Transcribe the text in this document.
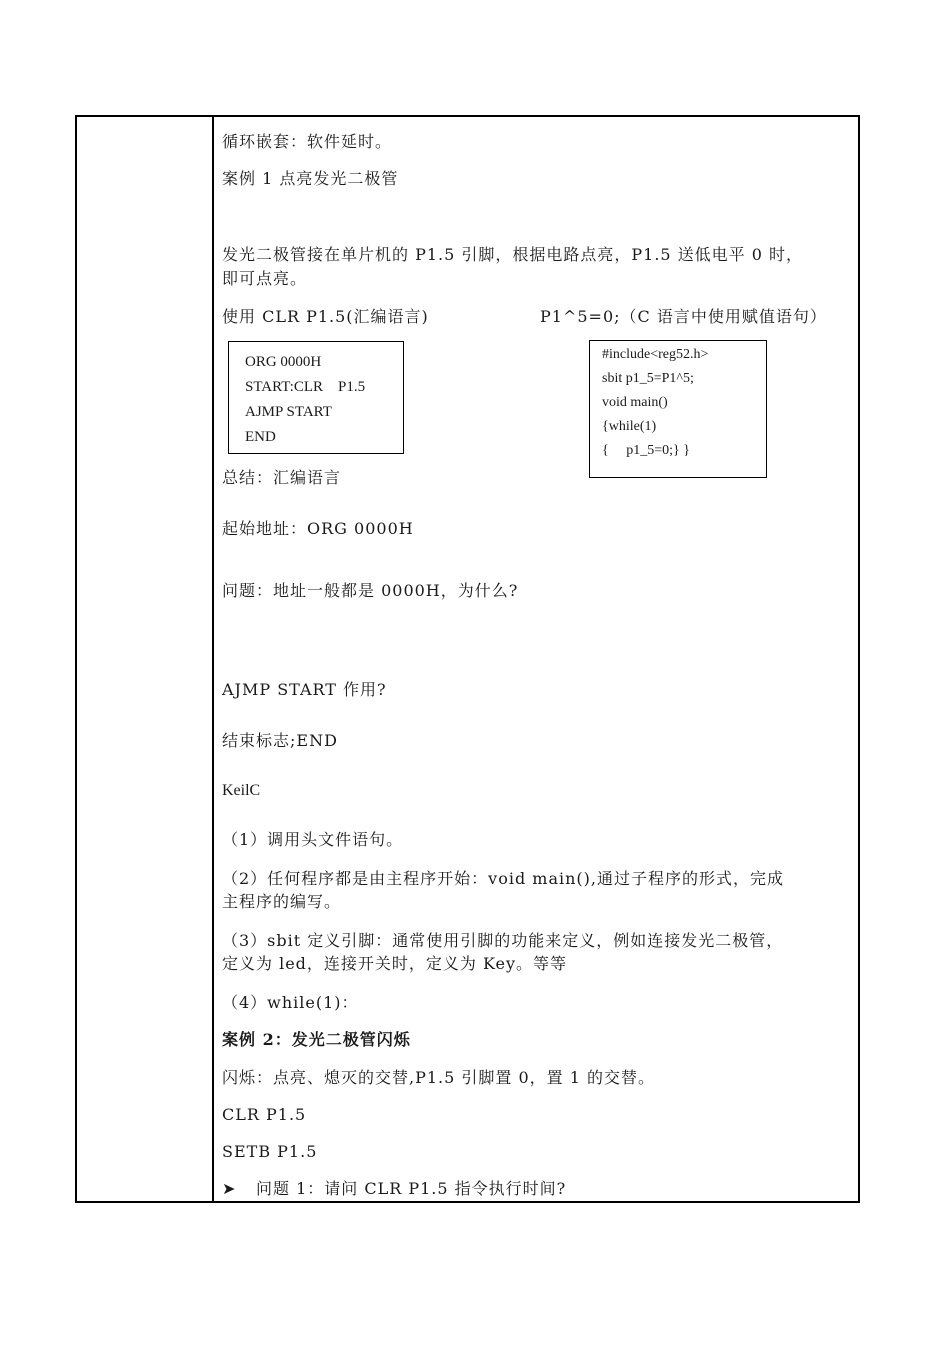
循环嵌套：软件延时。
案例 1 点亮发光二极管
发光二极管接在单片机的 P1.5 引脚，根据电路点亮，P1.5 送低电平 0 时，
即可点亮。
使用 CLR P1.5(汇编语言)	P1^5=0;（C 语言中使用赋值语句）
ORG 0000H
START:CLR    P1.5
AJMP START
END
#include<reg52.h>
sbit p1_5=P1^5;
void main()
{while(1)
{     p1_5=0;} }
总结：汇编语言
起始地址：ORG 0000H
问题：地址一般都是 0000H，为什么?
AJMP START 作用?
结束标志;END
KeilC
（1）调用头文件语句。
（2）任何程序都是由主程序开始：void main(),通过子程序的形式，完成
主程序的编写。
（3）sbit 定义引脚：通常使用引脚的功能来定义，例如连接发光二极管，
定义为 led，连接开关时，定义为 Key。等等
（4）while(1)：
案例 2：发光二极管闪烁
闪烁：点亮、熄灭的交替,P1.5 引脚置 0，置 1 的交替。
CLR P1.5
SETB P1.5
➤ 问题 1：请问 CLR P1.5 指令执行时间?
